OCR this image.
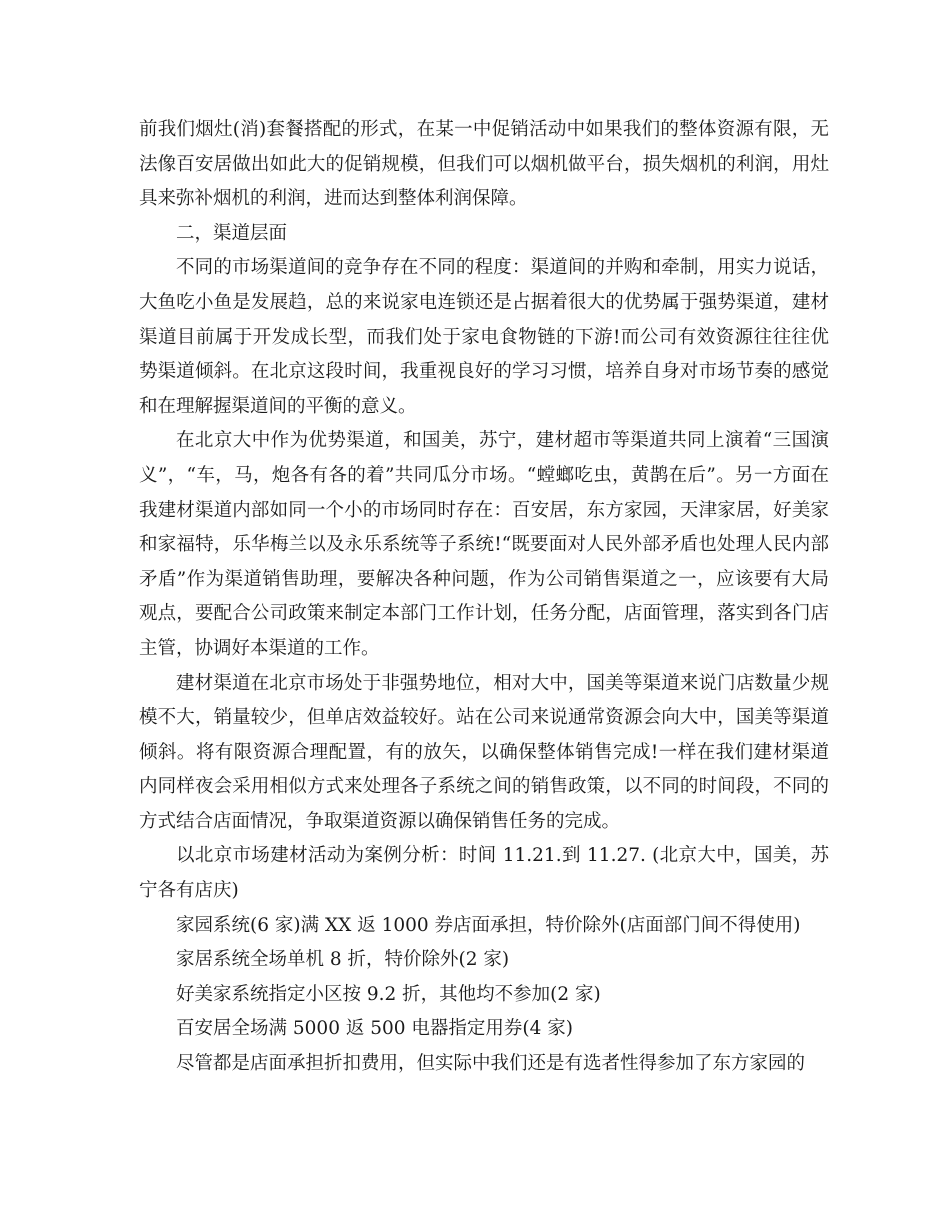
前我们烟灶(消)套餐搭配的形式，在某一中促销活动中如果我们的整体资源有限，无法像百安居做出如此大的促销规模，但我们可以烟机做平台，损失烟机的利润，用灶具来弥补烟机的利润，进而达到整体利润保障。

二，渠道层面

不同的市场渠道间的竞争存在不同的程度：渠道间的并购和牵制，用实力说话，大鱼吃小鱼是发展趋，总的来说家电连锁还是占据着很大的优势属于强势渠道，建材渠道目前属于开发成长型，而我们处于家电食物链的下游!而公司有效资源往往往优势渠道倾斜。在北京这段时间，我重视良好的学习习惯，培养自身对市场节奏的感觉和在理解握渠道间的平衡的意义。

在北京大中作为优势渠道，和国美，苏宁，建材超市等渠道共同上演着“三国演义”，“车，马，炮各有各的着”共同瓜分市场。“螳螂吃虫，黄鹊在后”。另一方面在我建材渠道内部如同一个小的市场同时存在：百安居，东方家园，天津家居，好美家和家福特，乐华梅兰以及永乐系统等子系统!“既要面对人民外部矛盾也处理人民内部矛盾”作为渠道销售助理，要解决各种问题，作为公司销售渠道之一，应该要有大局观点，要配合公司政策来制定本部门工作计划，任务分配，店面管理，落实到各门店主管，协调好本渠道的工作。

建材渠道在北京市场处于非强势地位，相对大中，国美等渠道来说门店数量少规模不大，销量较少，但单店效益较好。站在公司来说通常资源会向大中，国美等渠道倾斜。将有限资源合理配置，有的放矢，以确保整体销售完成!一样在我们建材渠道内同样夜会采用相似方式来处理各子系统之间的销售政策，以不同的时间段，不同的方式结合店面情况，争取渠道资源以确保销售任务的完成。

以北京市场建材活动为案例分析：时间 11.21.到 11.27. (北京大中，国美，苏宁各有店庆)

家园系统(6 家)满 XX 返 1000 券店面承担，特价除外(店面部门间不得使用)

家居系统全场单机 8 折，特价除外(2 家)

好美家系统指定小区按 9.2 折，其他均不参加(2 家)

百安居全场满 5000 返 500 电器指定用券(4 家)

尽管都是店面承担折扣费用，但实际中我们还是有选者性得参加了东方家园的
